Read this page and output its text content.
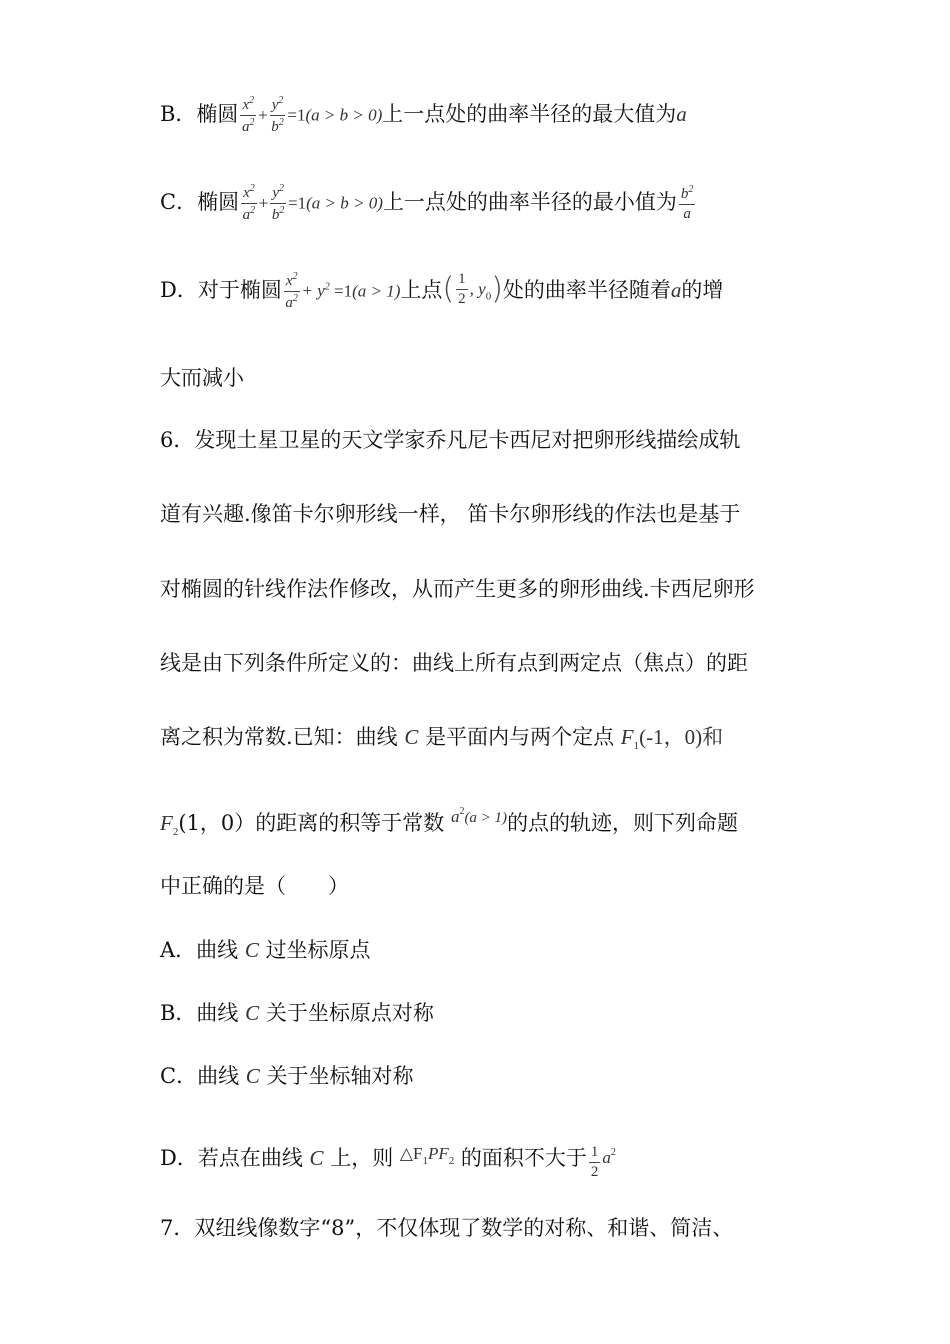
B．椭圆 $\frac{x^2}{a^2} + \frac{y^2}{b^2} =1(a > b > 0)$上一点处的曲率半径的最大值为a
C．椭圆 $\frac{x^2}{a^2} + \frac{y^2}{b^2} =1(a > b > 0)$上一点处的曲率半径的最小值为 $\frac{b^2}{a}$
D．对于椭圆 $\frac{x^2}{a^2} + y^2 =1(a > 1)$上点( $\frac{1}{2}$ , $y_0$)处的曲率半径随着a的增
大而减小
6．发现土星卫星的天文学家乔凡尼卡西尼对把卵形线描绘成轨
道有兴趣.像笛卡尔卵形线一样， 笛卡尔卵形线的作法也是基于
对椭圆的针线作法作修改，从而产生更多的卵形曲线.卡西尼卵形
线是由下列条件所定义的：曲线上所有点到两定点（焦点）的距
离之积为常数.已知：曲线 C 是平面内与两个定点 $F_1(-1$，0)和
$F_2(1$，0）的距离的积等于常数 $a^2(a > 1)$的点的轨迹，则下列命题
中正确的是（　　）
A．曲线 C 过坐标原点
B．曲线 C 关于坐标原点对称
C．曲线 C 关于坐标轴对称
D．若点在曲线 C 上，则 $\triangle F_1PF_2$ 的面积不大于 $\frac{1}{2} a^2$
7．双纽线像数字“8”，不仅体现了数学的对称、和谐、简洁、
